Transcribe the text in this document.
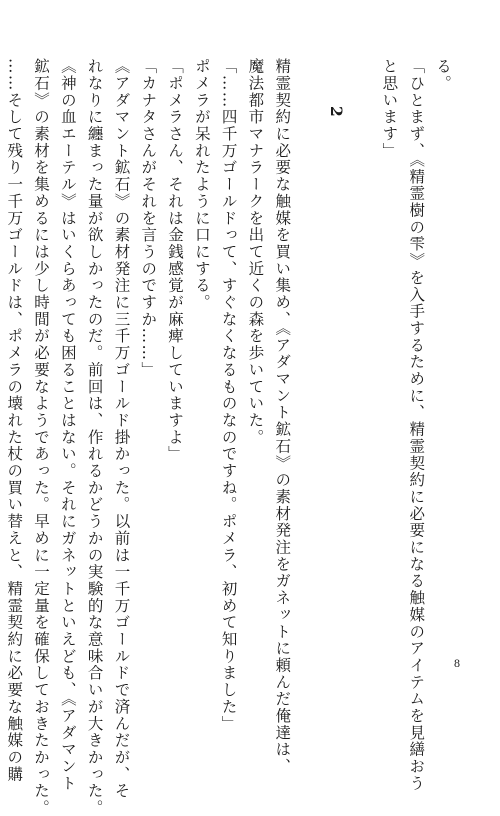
る。

「ひとまず、《精霊樹の雫》を入手するために、精霊契約に必要になる触媒のアイテムを見繕おう

と思います」

2

精霊契約に必要な触媒を買い集め、《アダマント鉱石》の素材発注をガネットに頼んだ俺達は、

魔法都市マナラークを出て近くの森を歩いていた。

「……四千万ゴールドって、すぐなくなるものなのですね。ポメラ、初めて知りました」

ポメラが呆れたように口にする。

「ポメラさん、それは金銭感覚が麻痺していますよ」

「カナタさんがそれを言うのですか……」

《アダマント鉱石》の素材発注に三千万ゴールド掛かった。以前は一千万ゴールドで済んだが、そ

れなりに纏まった量が欲しかったのだ。前回は、作れるかどうかの実験的な意味合いが大きかった。

《神の血エーテル》はいくらあっても困ることはない。それにガネットといえども、《アダマント

鉱石》の素材を集めるには少し時間が必要なようであった。早めに一定量を確保しておきたかった。

……そして残り一千万ゴールドは、ポメラの壊れた杖の買い替えと、精霊契約に必要な触媒の購	8
